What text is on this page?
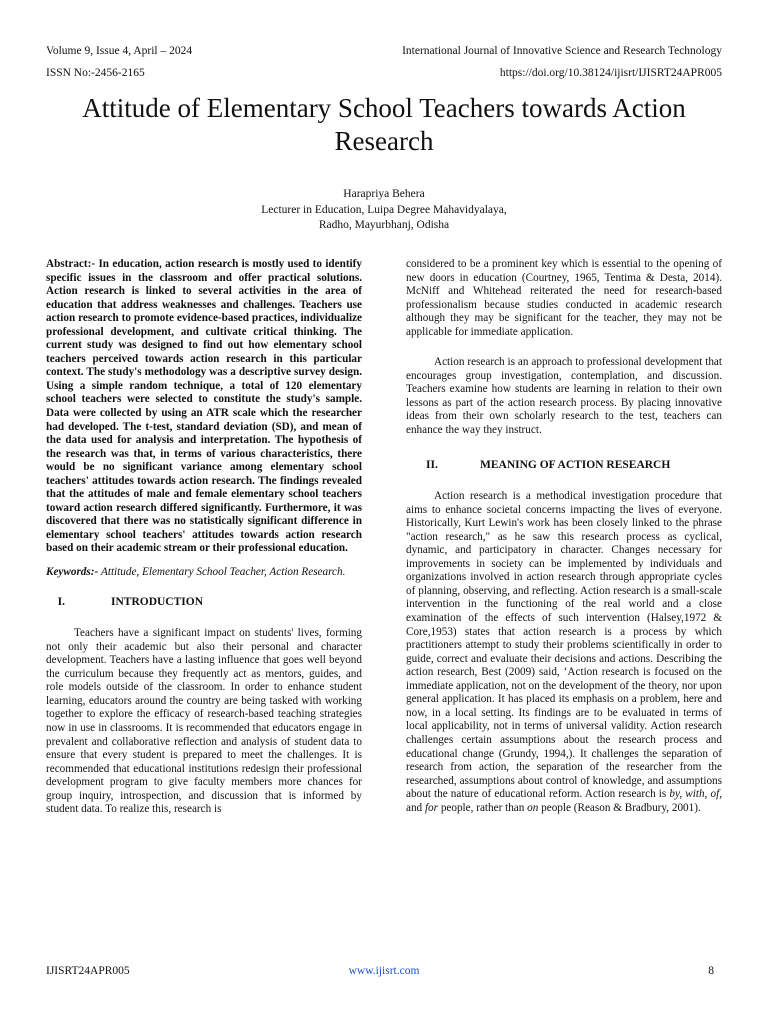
Volume 9, Issue 4, April – 2024	International Journal of Innovative Science and Research Technology
ISSN No:-2456-2165	https://doi.org/10.38124/ijisrt/IJISRT24APR005
Attitude of Elementary School Teachers towards Action Research
Harapriya Behera
Lecturer in Education, Luipa Degree Mahavidyalaya,
Radho, Mayurbhanj, Odisha

Abstract:- In education, action research is mostly used to identify specific issues in the classroom and offer practical solutions. Action research is linked to several activities in the area of education that address weaknesses and challenges. Teachers use action research to promote evidence-based practices, individualize professional development, and cultivate critical thinking. The current study was designed to find out how elementary school teachers perceived towards action research in this particular context. The study's methodology was a descriptive survey design. Using a simple random technique, a total of 120 elementary school teachers were selected to constitute the study's sample. Data were collected by using an ATR scale which the researcher had developed. The t-test, standard deviation (SD), and mean of the data used for analysis and interpretation. The hypothesis of the research was that, in terms of various characteristics, there would be no significant variance among elementary school teachers' attitudes towards action research. The findings revealed that the attitudes of male and female elementary school teachers toward action research differed significantly. Furthermore, it was discovered that there was no statistically significant difference in elementary school teachers' attitudes towards action research based on their academic stream or their professional education.

Keywords:- Attitude, Elementary School Teacher, Action Research.

I.	INTRODUCTION

Teachers have a significant impact on students' lives, forming not only their academic but also their personal and character development. Teachers have a lasting influence that goes well beyond the curriculum because they frequently act as mentors, guides, and role models outside of the classroom. In order to enhance student learning, educators around the country are being tasked with working together to explore the efficacy of research-based teaching strategies now in use in classrooms. It is recommended that educators engage in prevalent and collaborative reflection and analysis of student data to ensure that every student is prepared to meet the challenges. It is recommended that educational institutions redesign their professional development program to give faculty members more chances for group inquiry, introspection, and discussion that is informed by student data. To realize this, research is

considered to be a prominent key which is essential to the opening of new doors in education (Courtney, 1965, Tentima & Desta, 2014). McNiff and Whitehead reiterated the need for research-based professionalism because studies conducted in academic research although they may be significant for the teacher, they may not be applicable for immediate application.

Action research is an approach to professional development that encourages group investigation, contemplation, and discussion. Teachers examine how students are learning in relation to their own lessons as part of the action research process. By placing innovative ideas from their own scholarly research to the test, teachers can enhance the way they instruct.

II.	MEANING OF ACTION RESEARCH

Action research is a methodical investigation procedure that aims to enhance societal concerns impacting the lives of everyone. Historically, Kurt Lewin's work has been closely linked to the phrase "action research," as he saw this research process as cyclical, dynamic, and participatory in character. Changes necessary for improvements in society can be implemented by individuals and organizations involved in action research through appropriate cycles of planning, observing, and reflecting. Action research is a small-scale intervention in the functioning of the real world and a close examination of the effects of such intervention (Halsey,1972 & Core,1953) states that action research is a process by which practitioners attempt to study their problems scientifically in order to guide, correct and evaluate their decisions and actions. Describing the action research, Best (2009) said, ‘Action research is focused on the immediate application, not on the development of the theory, nor upon general application. It has placed its emphasis on a problem, here and now, in a local setting. Its findings are to be evaluated in terms of local applicability, not in terms of universal validity. Action research challenges certain assumptions about the research process and educational change (Grundy, 1994,). It challenges the separation of research from action, the separation of the researcher from the researched, assumptions about control of knowledge, and assumptions about the nature of educational reform. Action research is by, with, of, and for people, rather than on people (Reason & Bradbury, 2001).

IJISRT24APR005	www.ijisrt.com	8
